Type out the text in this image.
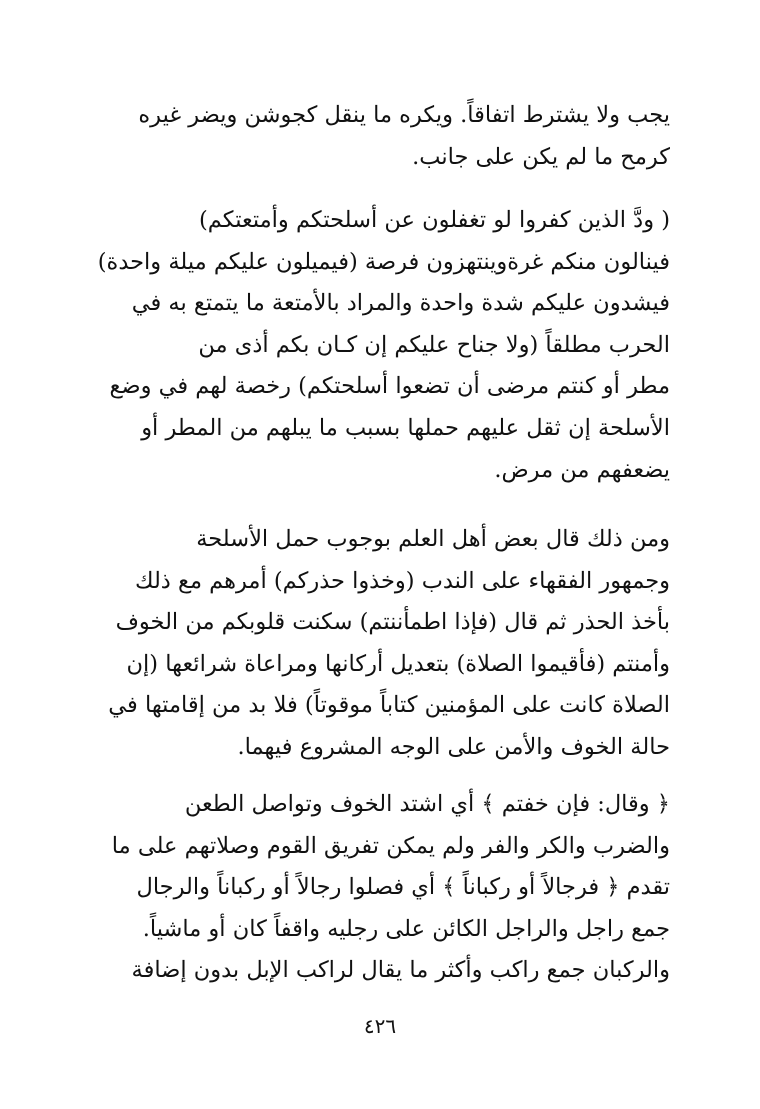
يجب ولا يشترط اتفاقاً. ويكره ما ينقل كجوشن ويضر غيره
كرمح ما لم يكن على جانب.
( ودَّ الذين كفروا لو تغفلون عن أسلحتكم وأمتعتكم)
فينالون منكم غرةوينتهزون فرصة (فيميلون عليكم ميلة واحدة)
فيشدون عليكم شدة واحدة والمراد بالأمتعة ما يتمتع به في
الحرب مطلقاً (ولا جناح عليكم إن كـان بكم أذى من
مطر أو كنتم مرضى أن تضعوا أسلحتكم) رخصة لهم في وضع
الأسلحة إن ثقل عليهم حملها بسبب ما يبلهم من المطر أو
يضعفهم من مرض.
ومن ذلك قال بعض أهل العلم بوجوب حمل الأسلحة
وجمهور الفقهاء على الندب (وخذوا حذركم) أمرهم مع ذلك
بأخذ الحذر ثم قال (فإذا اطمأننتم) سكنت قلوبكم من الخوف
وأمنتم (فأقيموا الصلاة) بتعديل أركانها ومراعاة شرائعها (إن
الصلاة كانت على المؤمنين كتاباً موقوتاً) فلا بد من إقامتها في
حالة الخوف والأمن على الوجه المشروع فيهما.
﴿ وقال: فإن خفتم ﴾ أي اشتد الخوف وتواصل الطعن
والضرب والكر والفر ولم يمكن تفريق القوم وصلاتهم على ما
تقدم ﴿ فرجالاً أو ركباناً ﴾ أي فصلوا رجالاً أو ركباناً والرجال
جمع راجل والراجل الكائن على رجليه واقفاً كان أو ماشياً.
والركبان جمع راكب وأكثر ما يقال لراكب الإبل بدون إضافة
٤٢٦
